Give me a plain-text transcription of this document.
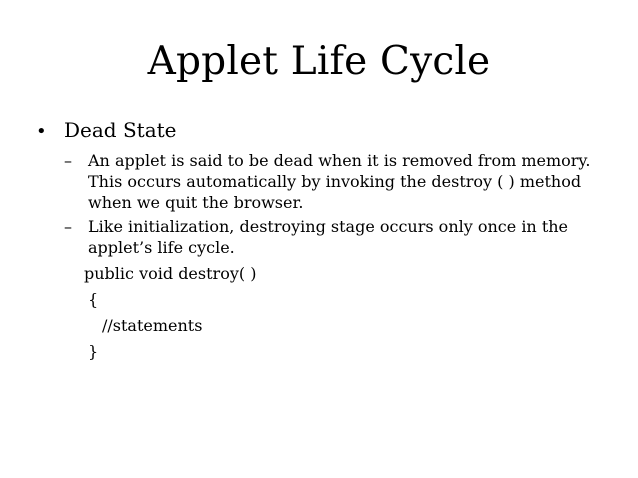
Applet Life Cycle
• Dead State
–	An applet is said to be dead when it is removed from memory. This occurs automatically by invoking the destroy ( ) method when we quit the browser.
–	Like initialization, destroying stage occurs only once in the applet’s life cycle.
public void destroy( )
{
//statements
}
